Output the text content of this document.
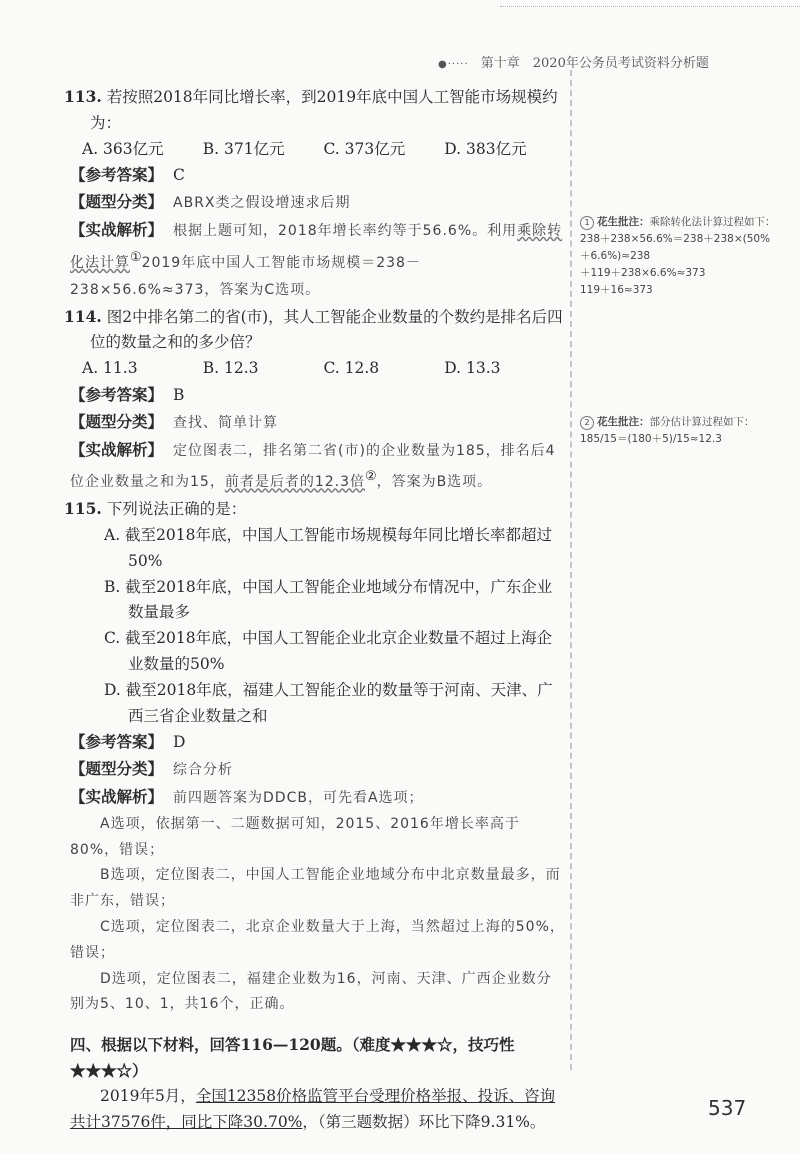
●····· 第十章　2020年公务员考试资料分析题

113. 若按照2018年同比增长率，到2019年底中国人工智能市场规模约为：

A. 363亿元	B. 371亿元	C. 373亿元	D. 383亿元

【参考答案】 C

【题型分类】 ABRX类之假设增速求后期

【实战解析】 根据上题可知，2018年增长率约等于56.6%。利用乘除转化法计算①2019年底中国人工智能市场规模＝238－238×56.6%≈373，答案为C选项。

114. 图2中排名第二的省(市)，其人工智能企业数量的个数约是排名后四位的数量之和的多少倍？

A. 11.3	B. 12.3	C. 12.8	D. 13.3

【参考答案】 B

【题型分类】 查找、简单计算

【实战解析】 定位图表二，排名第二省(市)的企业数量为185，排名后4位企业数量之和为15，前者是后者的12.3倍②，答案为B选项。

115. 下列说法正确的是：

A. 截至2018年底，中国人工智能市场规模每年同比增长率都超过50%

B. 截至2018年底，中国人工智能企业地域分布情况中，广东企业数量最多

C. 截至2018年底，中国人工智能企业北京企业数量不超过上海企业数量的50%

D. 截至2018年底，福建人工智能企业的数量等于河南、天津、广西三省企业数量之和

【参考答案】 D

【题型分类】 综合分析

【实战解析】 前四题答案为DDCB，可先看A选项；

A选项，依据第一、二题数据可知，2015、2016年增长率高于80%，错误；

B选项，定位图表二，中国人工智能企业地域分布中北京数量最多，而非广东，错误；

C选项，定位图表二，北京企业数量大于上海，当然超过上海的50%，错误；

D选项，定位图表二，福建企业数为16，河南、天津、广西企业数分别为5、10、1，共16个，正确。

四、根据以下材料，回答116—120题。（难度★★★☆，技巧性★★★☆）

2019年5月，全国12358价格监管平台受理价格举报、投诉、咨询共计37576件，同比下降30.70%，（第三题数据）环比下降9.31%。

1 花生批注：乘除转化法计算过程如下：
238＋238×56.6%＝238＋238×(50%＋6.6%)≈238
＋119＋238×6.6%≈373
119＋16≈373
2 花生批注：部分估计算过程如下：
185/15＝(180＋5)/15≈12.3
537
